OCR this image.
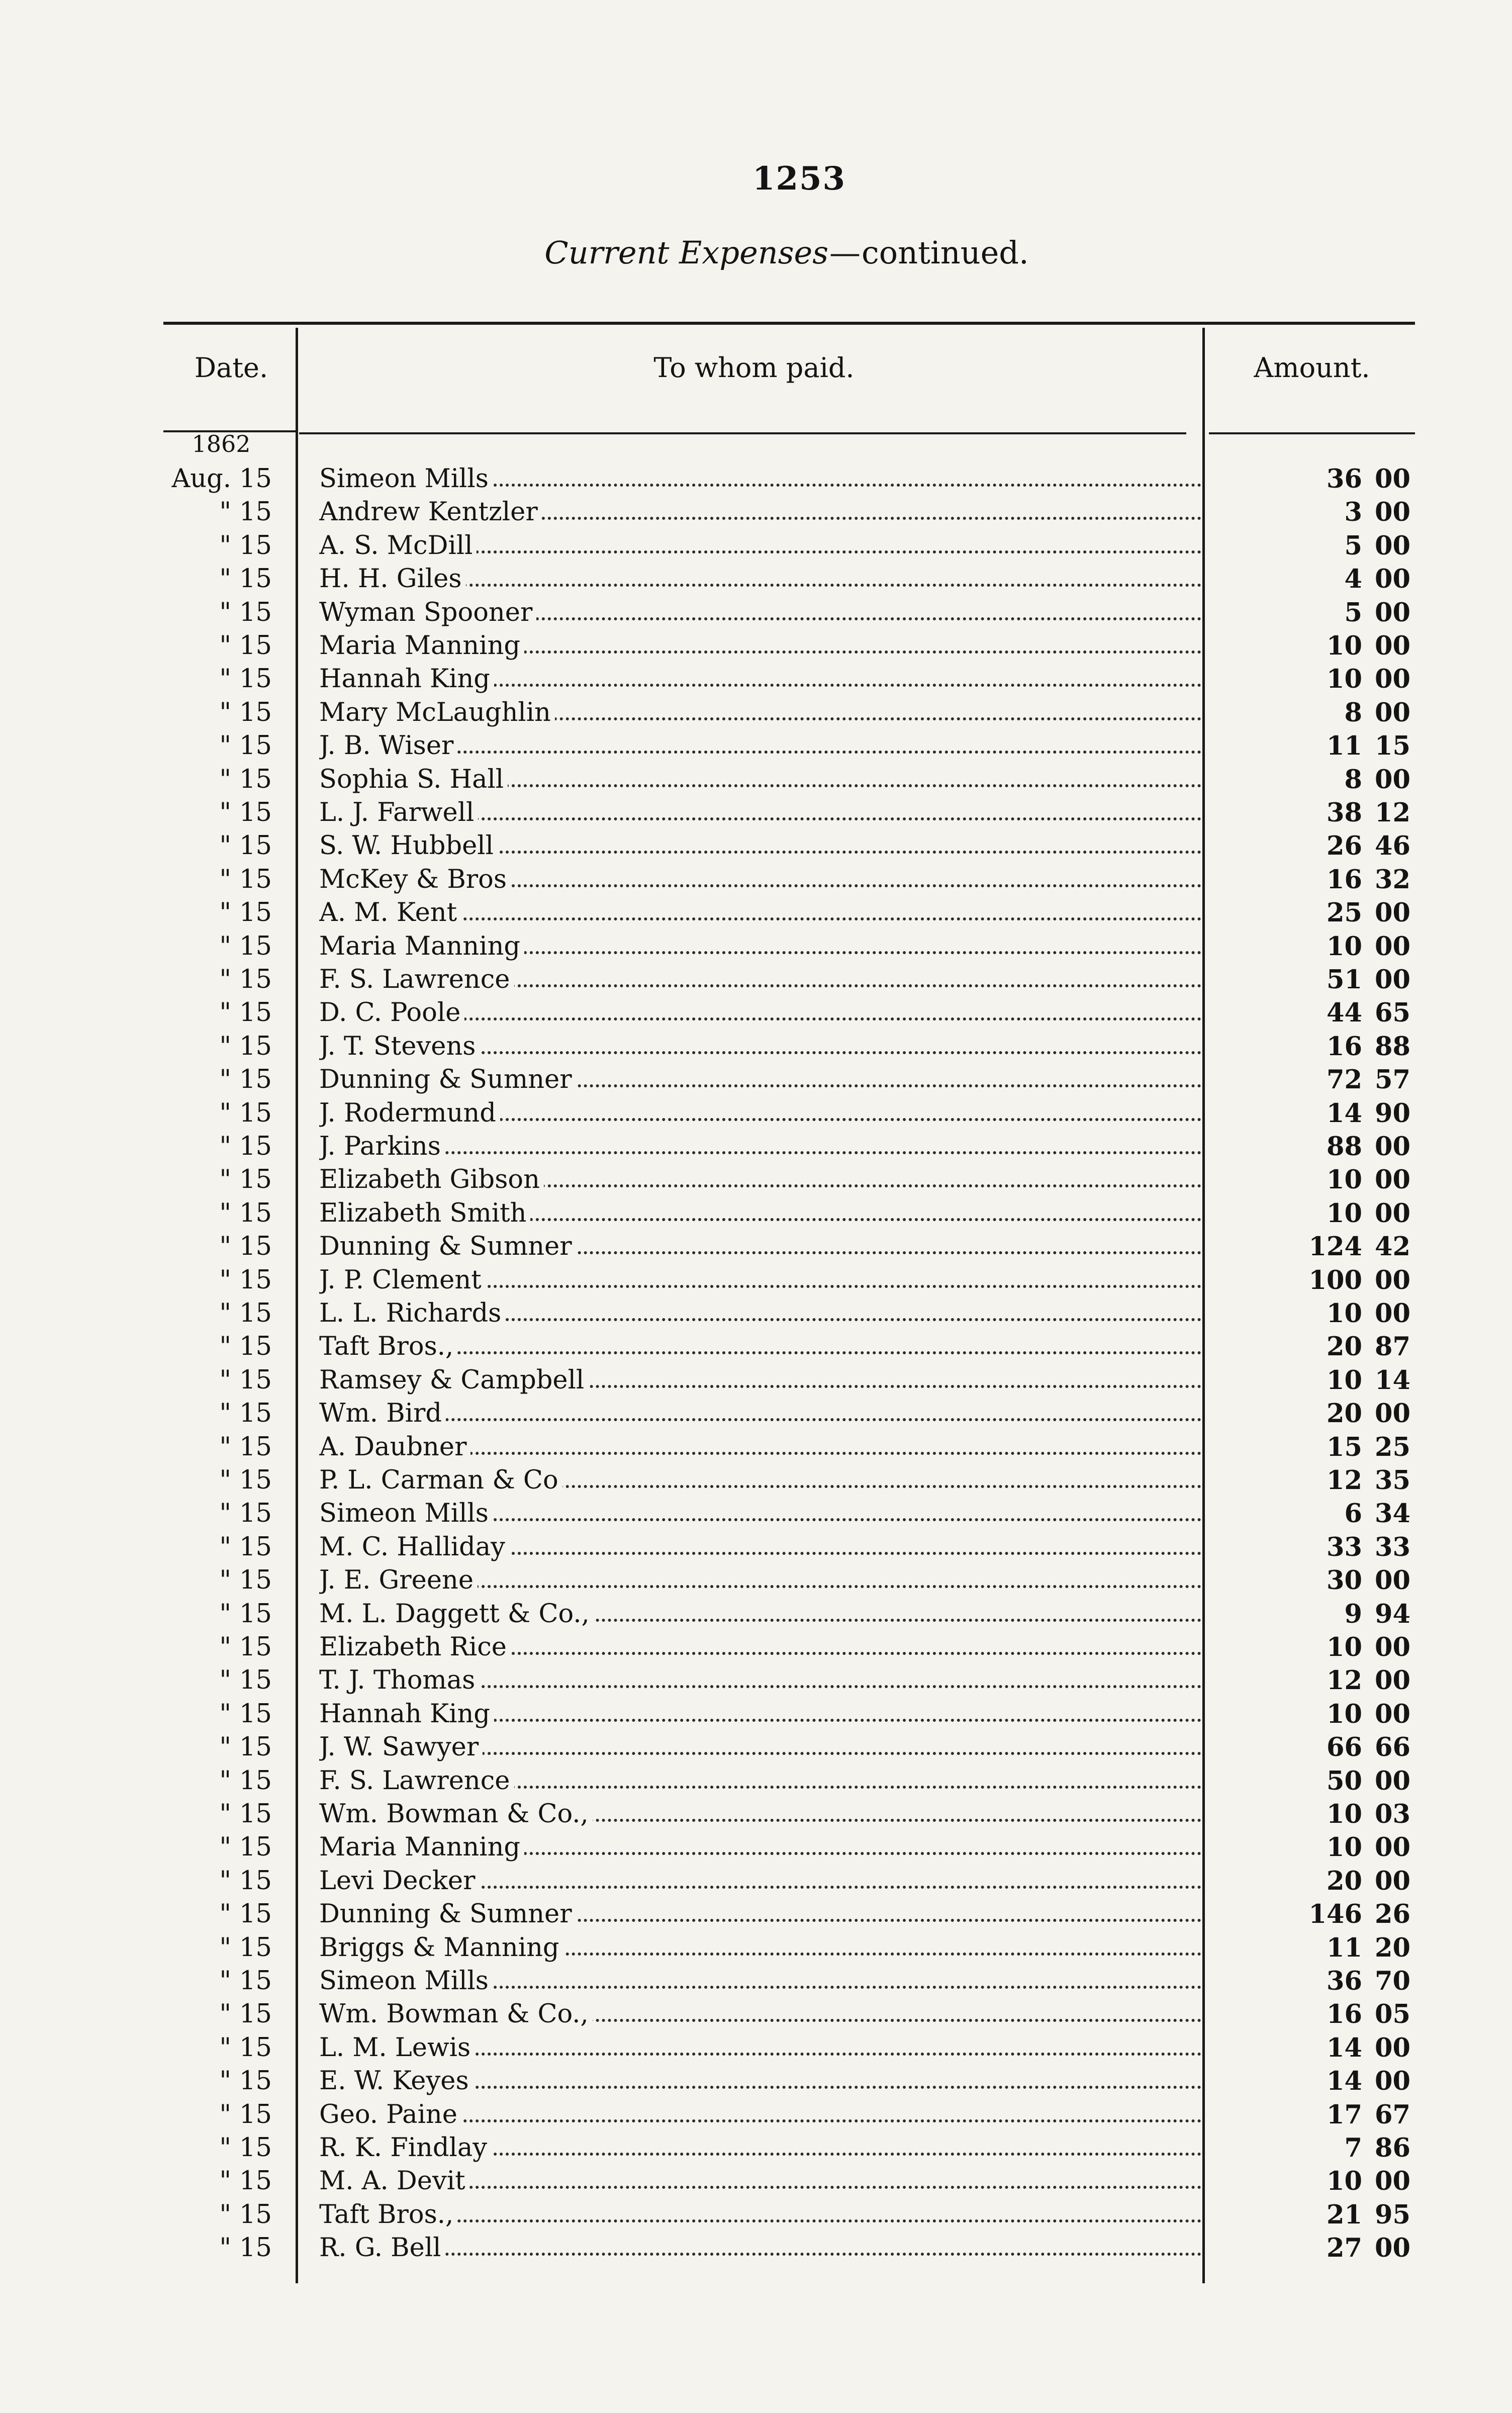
1253
Current Expenses—continued.
Date.	To whom paid.	Amount.
1862
Aug. 15	Simeon Mills	36 00
" 15	Andrew Kentzler	3 00
" 15	A. S. McDill	5 00
" 15	H. H. Giles	4 00
" 15	Wyman Spooner	5 00
" 15	Maria Manning	10 00
" 15	Hannah King	10 00
" 15	Mary McLaughlin	8 00
" 15	J. B. Wiser	11 15
" 15	Sophia S. Hall	8 00
" 15	L. J. Farwell	38 12
" 15	S. W. Hubbell	26 46
" 15	McKey & Bros	16 32
" 15	A. M. Kent	25 00
" 15	Maria Manning	10 00
" 15	F. S. Lawrence	51 00
" 15	D. C. Poole	44 65
" 15	J. T. Stevens	16 88
" 15	Dunning & Sumner	72 57
" 15	J. Rodermund	14 90
" 15	J. Parkins	88 00
" 15	Elizabeth Gibson	10 00
" 15	Elizabeth Smith	10 00
" 15	Dunning & Sumner	124 42
" 15	J. P. Clement	100 00
" 15	L. L. Richards	10 00
" 15	Taft Bros.,	20 87
" 15	Ramsey & Campbell	10 14
" 15	Wm. Bird	20 00
" 15	A. Daubner	15 25
" 15	P. L. Carman & Co	12 35
" 15	Simeon Mills	6 34
" 15	M. C. Halliday	33 33
" 15	J. E. Greene	30 00
" 15	M. L. Daggett & Co.,	9 94
" 15	Elizabeth Rice	10 00
" 15	T. J. Thomas	12 00
" 15	Hannah King	10 00
" 15	J. W. Sawyer	66 66
" 15	F. S. Lawrence	50 00
" 15	Wm. Bowman & Co.,	10 03
" 15	Maria Manning	10 00
" 15	Levi Decker	20 00
" 15	Dunning & Sumner	146 26
" 15	Briggs & Manning	11 20
" 15	Simeon Mills	36 70
" 15	Wm. Bowman & Co.,	16 05
" 15	L. M. Lewis	14 00
" 15	E. W. Keyes	14 00
" 15	Geo. Paine	17 67
" 15	R. K. Findlay	7 86
" 15	M. A. Devit	10 00
" 15	Taft Bros.,	21 95
" 15	R. G. Bell	27 00
